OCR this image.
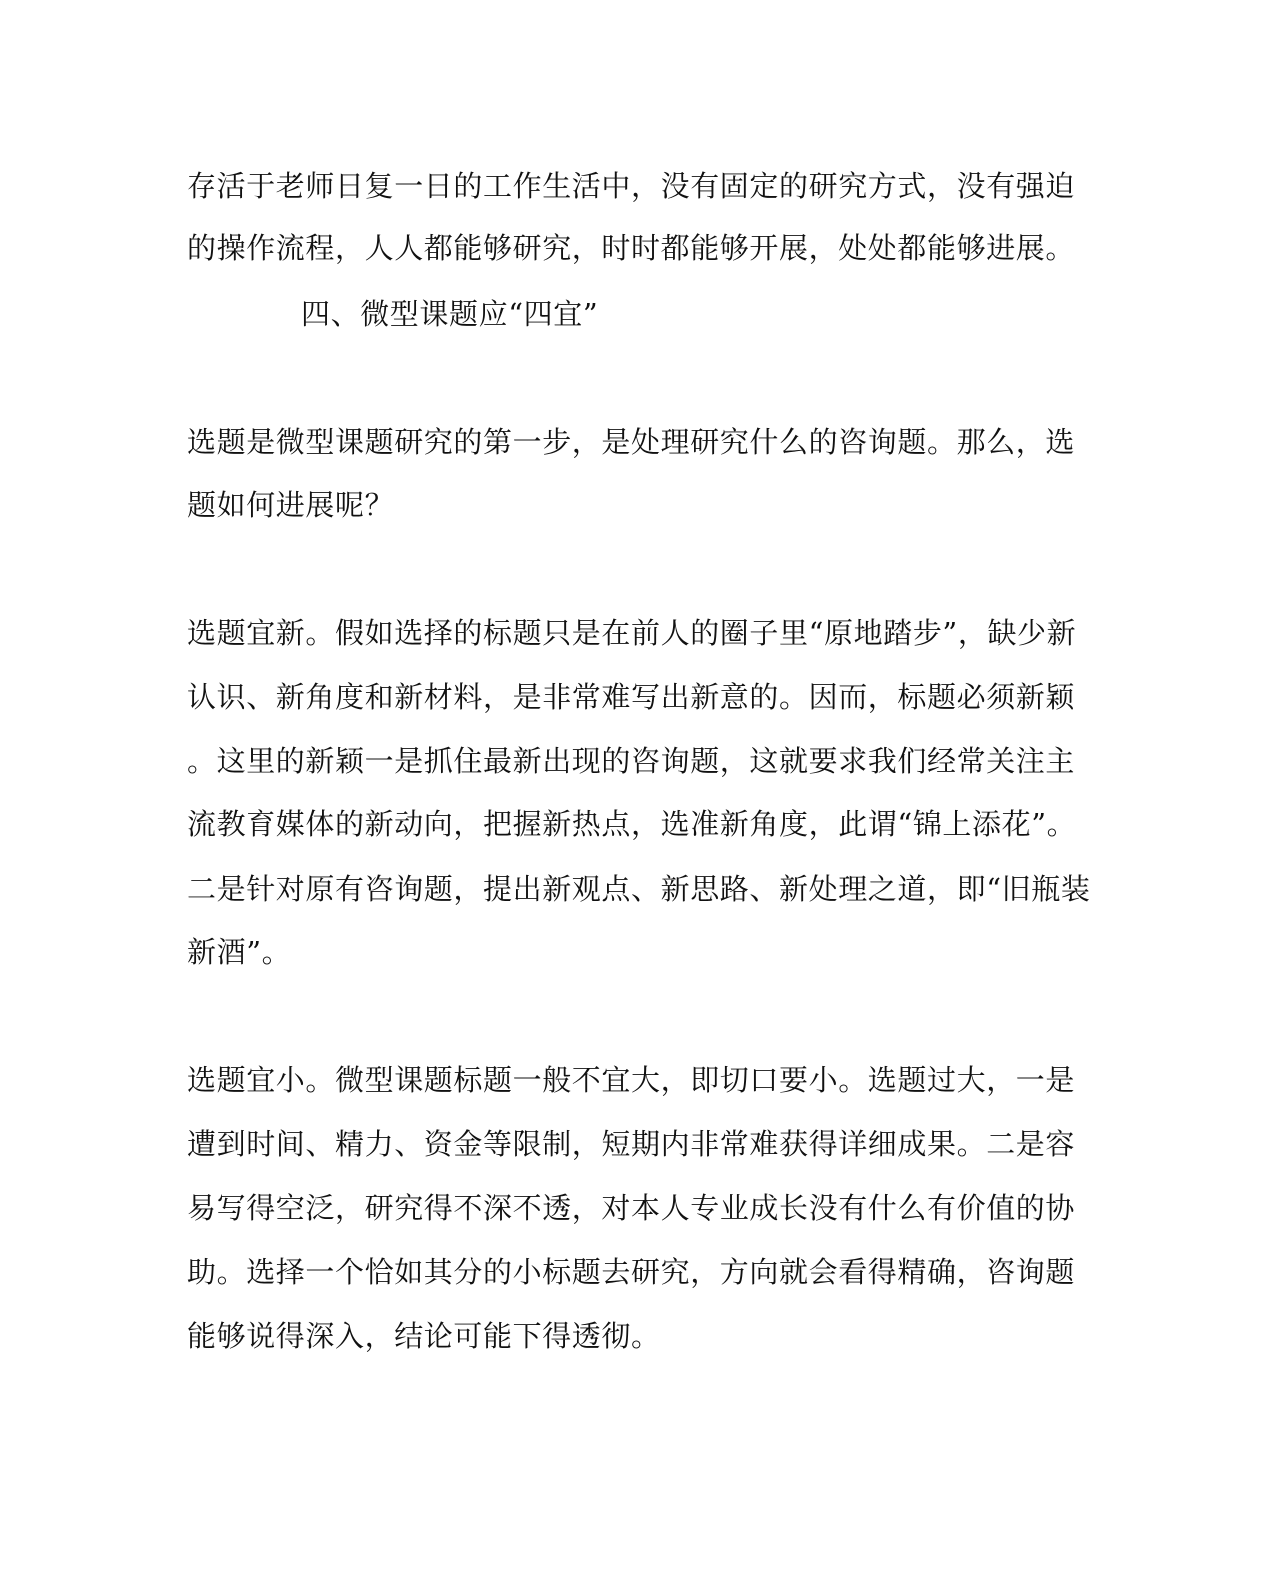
存活于老师日复一日的工作生活中，没有固定的研究方式，没有强迫
的操作流程，人人都能够研究，时时都能够开展，处处都能够进展。
四、微型课题应“四宜”
选题是微型课题研究的第一步，是处理研究什么的咨询题。那么，选
题如何进展呢？
选题宜新。假如选择的标题只是在前人的圈子里“原地踏步”，缺少新
认识、新角度和新材料，是非常难写出新意的。因而，标题必须新颖
。这里的新颖一是抓住最新出现的咨询题，这就要求我们经常关注主
流教育媒体的新动向，把握新热点，选准新角度，此谓“锦上添花”。
二是针对原有咨询题，提出新观点、新思路、新处理之道，即“旧瓶装
新酒”。
选题宜小。微型课题标题一般不宜大，即切口要小。选题过大，一是
遭到时间、精力、资金等限制，短期内非常难获得详细成果。二是容
易写得空泛，研究得不深不透，对本人专业成长没有什么有价值的协
助。选择一个恰如其分的小标题去研究，方向就会看得精确，咨询题
能够说得深入，结论可能下得透彻。
